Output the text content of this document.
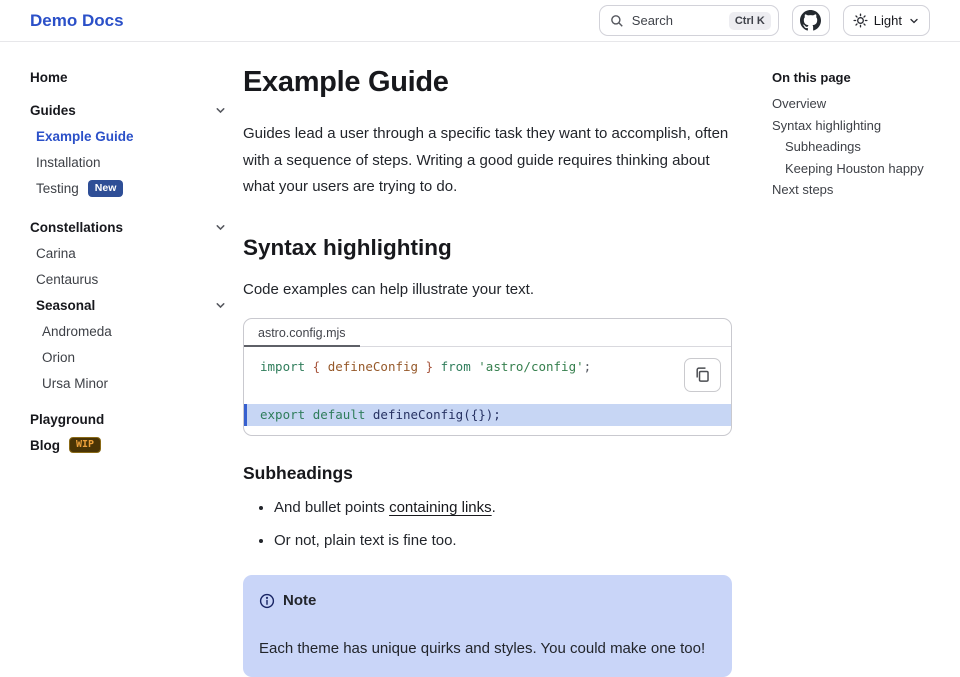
Demo Docs	Search	Ctrl K	Light
Home
Guides
Example Guide
Installation
Testing	New
Constellations
Carina
Centaurus
Seasonal
Andromeda
Orion
Ursa Minor
Playground
Blog	WIP
Example Guide

Guides lead a user through a specific task they want to accomplish, often with a sequence of steps. Writing a good guide requires thinking about what your users are trying to do.

Syntax highlighting

Code examples can help illustrate your text.

astro.config.mjs
import { defineConfig } from 'astro/config';
export default defineConfig({});
Subheadings
• And bullet points containing links.
• Or not, plain text is fine too.

Note

Each theme has unique quirks and styles. You could make one too!

On this page
Overview
Syntax highlighting
Subheadings
Keeping Houston happy
Next steps
